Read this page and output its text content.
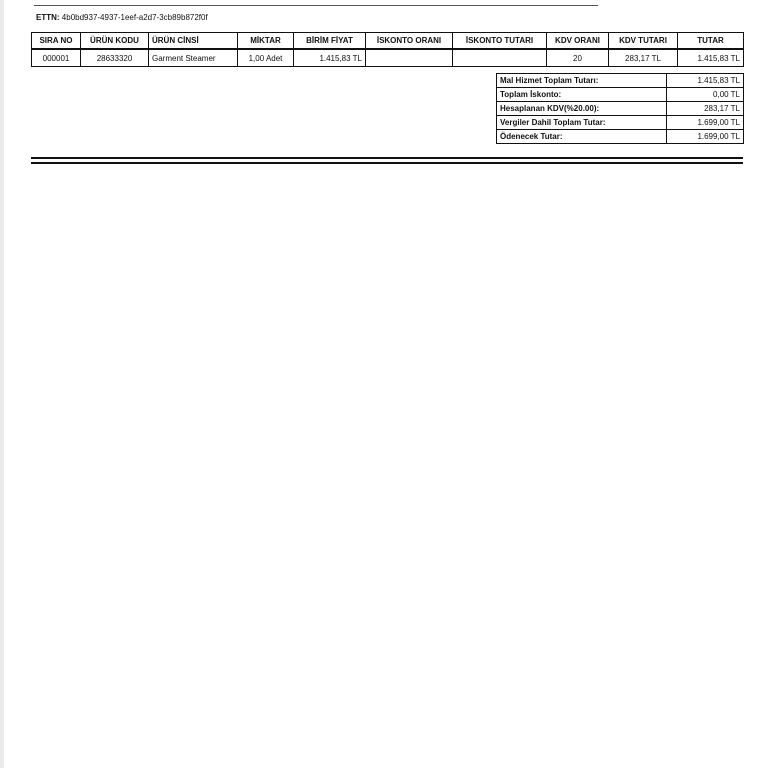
ETTN: 4b0bd937-4937-1eef-a2d7-3cb89b872f0f
SIRA NO	ÜRÜN KODU	ÜRÜN CİNSİ	MİKTAR	BİRİM FİYAT	İSKONTO ORANI	İSKONTO TUTARI	KDV ORANI	KDV TUTARI	TUTAR
000001	28633320	Garment Steamer	1,00 Adet	1.415,83 TL			20	283,17 TL	1.415,83 TL
Mal Hizmet Toplam Tutarı:	1.415,83 TL
Toplam İskonto:	0,00 TL
Hesaplanan KDV(%20.00):	283,17 TL
Vergiler Dahil Toplam Tutar:	1.699,00 TL
Ödenecek Tutar:	1.699,00 TL
